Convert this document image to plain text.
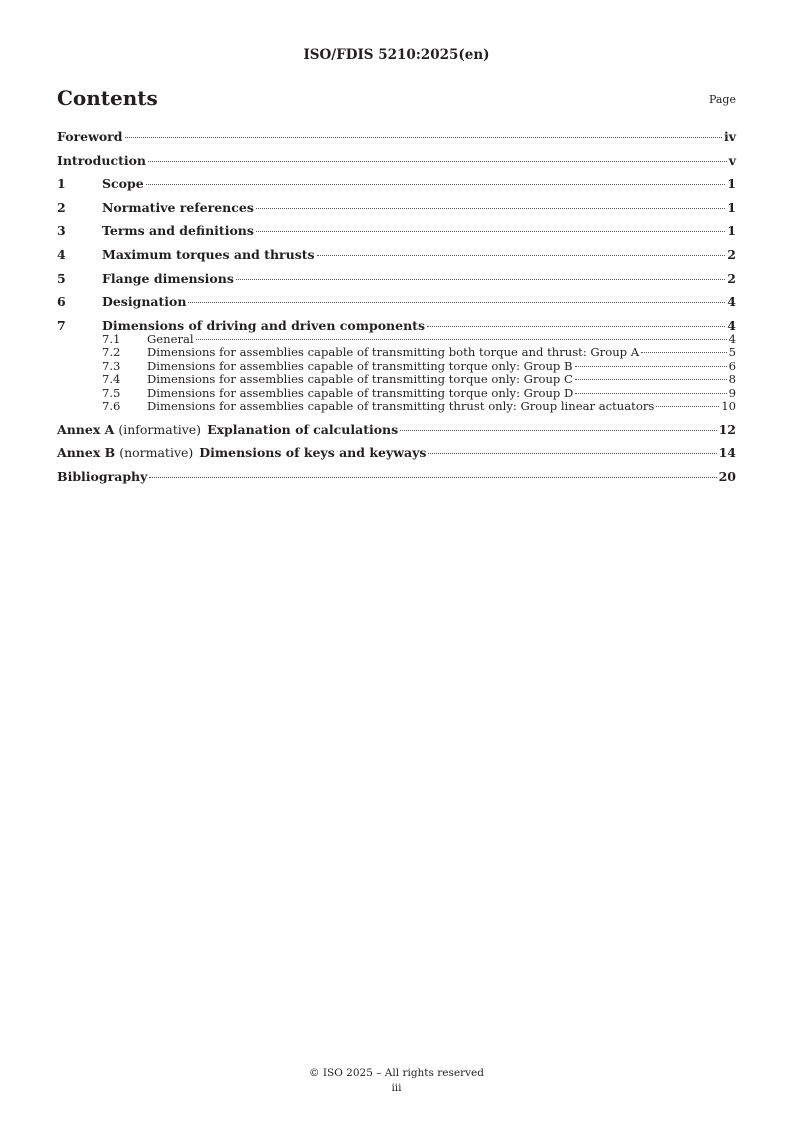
ISO/FDIS 5210:2025(en)
Contents	Page
Foreword	iv
Introduction	v
1	Scope	1
2	Normative references	1
3	Terms and definitions	1
4	Maximum torques and thrusts	2
5	Flange dimensions	2
6	Designation	4
7	Dimensions of driving and driven components	4
7.1	General	4
7.2	Dimensions for assemblies capable of transmitting both torque and thrust: Group A	5
7.3	Dimensions for assemblies capable of transmitting torque only: Group B	6
7.4	Dimensions for assemblies capable of transmitting torque only: Group C	8
7.5	Dimensions for assemblies capable of transmitting torque only: Group D	9
7.6	Dimensions for assemblies capable of transmitting thrust only: Group linear actuators	10
Annex A (informative) Explanation of calculations	12
Annex B (normative) Dimensions of keys and keyways	14
Bibliography	20
© ISO 2025 – All rights reserved
iii
